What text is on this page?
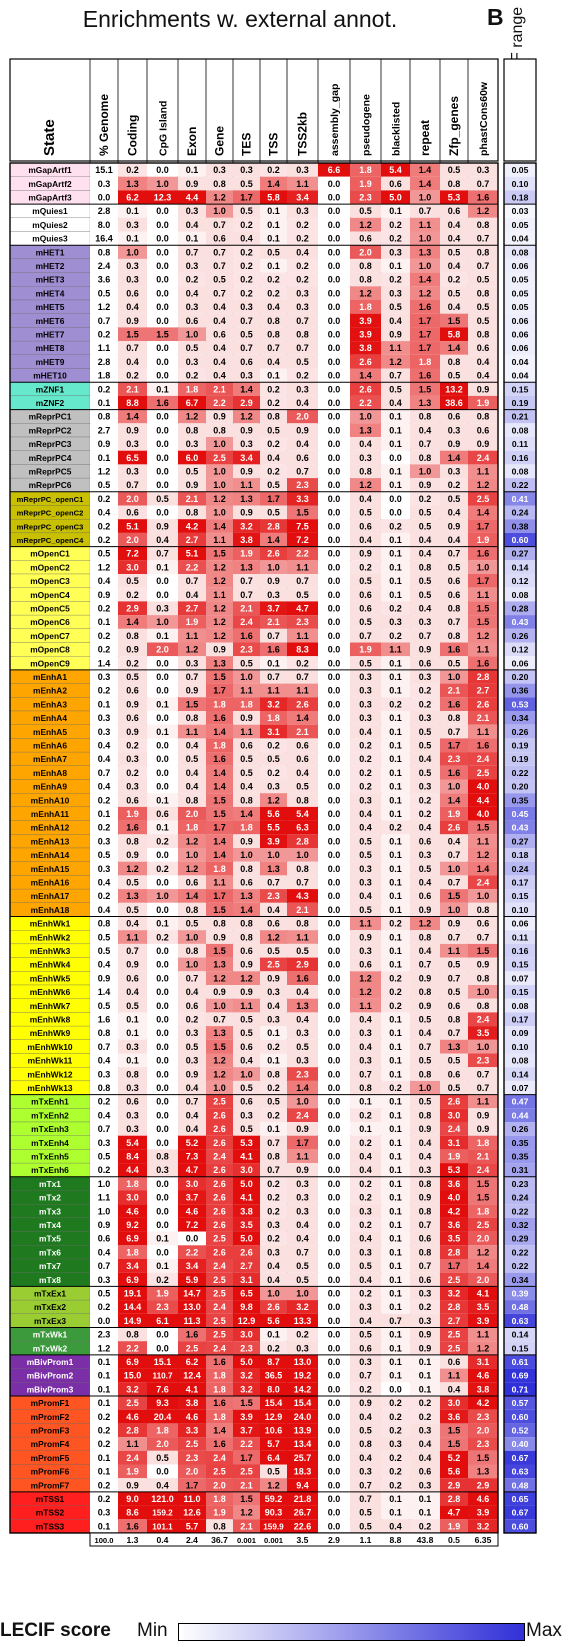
Enrichments w. external annot.	B
State	% Genome Coding CpG Island Exon Gene TES TSS TSS2kb assembly_gap pseudogene blacklisted repeat Zfp_genes phastCons60w
mGapArtf1	15.1 0.2 0.0 0.1 0.3 0.3 0.2 0.3 6.6 1.8 5.4 1.4 0.5 0.3	0.05
mGapArtf2	0.3 1.3 1.0 0.9 0.8 0.5 1.4 1.1 0.0 1.9 0.6 1.4 0.8 0.7	0.10
mGapArtf3	0.0 6.2 12.3 4.4 1.2 1.7 5.8 3.4 0.0 2.3 5.0 1.0 5.3 1.6	0.18
mQuies1	2.8 0.1 0.0 0.3 1.0 0.5 0.1 0.3 0.0 0.5 0.1 0.7 0.6 1.2	0.03
mQuies2	8.0 0.3 0.0 0.4 0.7 0.2 0.1 0.2 0.0 1.2 0.2 1.1 0.4 0.8	0.05
mQuies3	16.4 0.1 0.0 0.1 0.6 0.4 0.1 0.2 0.0 0.6 0.2 1.0 0.4 0.7	0.04
mHET1	0.8 1.0 0.0 0.7 0.7 0.2 0.5 0.4 0.0 2.0 0.3 1.3 0.5 0.8	0.08
mHET2	2.4 0.3 0.0 0.3 0.7 0.2 0.1 0.2 0.0 0.8 0.1 1.0 0.4 0.7	0.06
mHET3	3.6 0.3 0.0 0.2 0.5 0.2 0.2 0.2 0.0 0.8 0.2 1.4 0.2 0.5	0.05
mHET4	0.5 0.6 0.0 0.4 0.7 0.2 0.2 0.3 0.0 1.2 0.3 1.2 0.5 0.8	0.05
mHET5	1.2 0.4 0.0 0.3 0.4 0.3 0.4 0.3 0.0 1.8 0.5 1.6 0.4 0.5	0.05
mHET6	0.7 0.9 0.0 0.6 0.4 0.7 0.8 0.7 0.0 3.9 0.4 1.7 1.5 0.5	0.06
mHET7	0.2 1.5 1.5 1.0 0.6 0.5 0.8 0.8 0.0 3.9 0.9 1.7 5.8 0.8	0.06
mHET8	1.1 0.7 0.0 0.5 0.4 0.7 0.7 0.7 0.0 3.8 1.1 1.7 1.4 0.6	0.06
mHET9	2.8 0.4 0.0 0.3 0.4 0.6 0.4 0.5 0.0 2.6 1.2 1.8 0.8 0.4	0.04
mHET10	1.8 0.2 0.0 0.2 0.4 0.3 0.1 0.2 0.0 1.4 0.7 1.6 0.5 0.4	0.04
mZNF1	0.2 2.1 0.1 1.8 2.1 1.4 0.2 0.3 0.0 2.6 0.5 1.5 13.2 0.9	0.15
mZNF2	0.1 8.8 1.6 6.7 2.2 2.9 0.2 0.4 0.0 2.2 0.4 1.3 38.6 1.9	0.19
mReprPC1	0.8 1.4 0.0 1.2 0.9 1.2 0.8 2.0 0.0 1.0 0.1 0.8 0.6 0.8	0.21
mReprPC2	2.7 0.9 0.0 0.8 0.8 0.9 0.5 0.9 0.0 1.3 0.1 0.4 0.3 0.6	0.08
mReprPC3	0.9 0.3 0.0 0.3 1.0 0.3 0.2 0.4 0.0 0.4 0.1 0.7 0.9 0.9	0.11
mReprPC4	0.1 6.5 0.0 6.0 2.5 3.4 0.4 0.6 0.0 0.3 0.0 0.8 1.4 2.4	0.16
mReprPC5	1.2 0.3 0.0 0.5 1.0 0.9 0.2 0.7 0.0 0.8 0.1 1.0 0.3 1.1	0.08
mReprPC6	0.5 0.7 0.0 0.9 1.0 1.1 0.5 2.3 0.0 1.2 0.1 0.9 0.2 1.2	0.22
mReprPC_openC1 0.2 2.0 0.5 2.1 1.2 1.3 1.7 3.3 0.0 0.4 0.0 0.2 0.5 2.5	0.41
mReprPC_openC2 0.4 0.6 0.0 0.8 1.0 0.9 0.5 1.5 0.0 0.5 0.0 0.5 0.4 1.4	0.24
mReprPC_openC3 0.2 5.1 0.9 4.2 1.4 3.2 2.8 7.5 0.0 0.6 0.2 0.5 0.9 1.7	0.38
mReprPC_openC4 0.2 2.0 0.4 2.7 1.1 3.8 1.4 7.2 0.0 0.4 0.1 0.4 0.4 1.9	0.60
mOpenC1	0.5 7.2 0.7 5.1 1.5 1.9 2.6 2.2 0.0 0.9 0.1 0.4 0.7 1.6	0.27
mOpenC2	1.2 3.0 0.1 2.2 1.2 1.3 1.0 1.1 0.0 0.2 0.1 0.8 0.5 1.0	0.14
mOpenC3	0.4 0.5 0.0 0.7 1.2 0.7 0.9 0.7 0.0 0.5 0.1 0.5 0.6 1.7	0.12
mOpenC4	0.9 0.2 0.0 0.4 1.1 0.7 0.3 0.5 0.0 0.6 0.1 0.5 0.6 1.1	0.08
mOpenC5	0.2 2.9 0.3 2.7 1.2 2.1 3.7 4.7 0.0 0.6 0.2 0.4 0.8 1.5	0.28
mOpenC6	0.1 1.4 1.0 1.9 1.2 2.4 2.1 2.3 0.0 0.5 0.3 0.3 0.7 1.5	0.43
mOpenC7	0.2 0.8 0.1 1.1 1.2 1.6 0.7 1.1 0.0 0.7 0.2 0.7 0.8 1.2	0.26
mOpenC8	0.2 0.9 2.0 1.2 0.9 2.3 1.6 8.3 0.0 1.9 1.1 0.9 1.6 1.1	0.12
mOpenC9	1.4 0.2 0.0 0.3 1.3 0.5 0.1 0.2 0.0 0.5 0.1 0.6 0.5 1.6	0.06
mEnhA1	0.3 0.5 0.0 0.7 1.5 1.0 0.7 0.7 0.0 0.3 0.1 0.3 1.0 2.8	0.20
mEnhA2	0.2 0.6 0.0 0.9 1.7 1.1 1.1 1.1 0.0 0.3 0.1 0.2 2.1 2.7	0.36
mEnhA3	0.1 0.9 0.1 1.5 1.8 1.8 3.2 2.6 0.0 0.3 0.2 0.2 1.6 2.6	0.53
mEnhA4	0.3 0.6 0.0 0.8 1.6 0.9 1.8 1.4 0.0 0.3 0.1 0.3 0.8 2.1	0.34
mEnhA5	0.3 0.9 0.1 1.1 1.4 1.1 3.1 2.1 0.0 0.4 0.1 0.5 0.7 1.1	0.26
mEnhA6	0.4 0.2 0.0 0.4 1.8 0.6 0.2 0.6 0.0 0.2 0.1 0.5 1.7 1.6	0.19
mEnhA7	0.4 0.3 0.0 0.5 1.6 0.5 0.5 0.6 0.0 0.2 0.1 0.4 2.3 2.4	0.19
mEnhA8	0.7 0.2 0.0 0.4 1.4 0.5 0.2 0.4 0.0 0.2 0.1 0.5 1.6 2.5	0.22
mEnhA9	0.4 0.3 0.0 0.4 1.4 0.4 0.3 0.5 0.0 0.2 0.1 0.3 1.0 4.0	0.20
mEnhA10	0.2 0.6 0.1 0.8 1.5 0.8 1.2 0.8 0.0 0.3 0.1 0.2 1.4 4.4	0.35
mEnhA11	0.1 1.9 0.6 2.0 1.5 1.4 5.6 5.4 0.0 0.4 0.1 0.2 1.9 4.0	0.45
mEnhA12	0.2 1.6 0.1 1.8 1.7 1.8 5.5 6.3 0.0 0.4 0.2 0.4 2.6 1.5	0.43
mEnhA13	0.3 0.8 0.2 1.2 1.4 0.9 3.9 2.8 0.0 0.5 0.1 0.6 0.4 1.1	0.27
mEnhA14	0.5 0.9 0.0 1.0 1.4 1.0 1.0 1.0 0.0 0.5 0.1 0.3 0.7 1.2	0.18
mEnhA15	0.3 1.2 0.2 1.2 1.8 0.8 1.3 0.8 0.0 0.3 0.1 0.5 1.0 1.4	0.24
mEnhA16	0.4 0.5 0.0 0.6 1.1 0.6 0.7 0.7 0.0 0.3 0.1 0.4 0.7 2.4	0.17
mEnhA17	0.2 1.3 1.0 1.4 1.7 1.3 2.3 4.3 0.0 0.4 0.1 0.6 1.5 1.0	0.15
mEnhA18	0.4 0.5 0.0 0.8 1.5 1.4 0.4 2.1 0.0 0.5 0.1 0.9 1.0 0.8	0.10
mEnhWk1	0.8 0.4 0.1 0.5 0.8 0.8 0.6 0.8 0.0 1.1 0.2 1.2 0.9 0.6	0.06
mEnhWk2	0.5 1.1 0.2 1.0 0.9 0.8 1.2 1.1 0.0 0.9 0.1 0.8 0.7 0.7	0.11
mEnhWk3	0.5 0.7 0.0 0.8 1.5 0.6 0.5 0.5 0.0 0.3 0.1 0.4 1.1 1.5	0.16
mEnhWk4	0.4 0.9 0.0 1.0 1.3 0.9 2.5 2.9 0.0 0.6 0.1 0.7 0.5 0.9	0.15
mEnhWk5	0.9 0.6 0.0 0.7 1.2 1.2 0.9 1.6 0.0 1.2 0.2 0.9 0.7 0.8	0.07
mEnhWk6	1.4 0.4 0.0 0.4 0.9 0.9 0.3 0.4 0.0 1.2 0.2 0.8 0.5 1.0	0.15
mEnhWk7	0.5 0.5 0.0 0.6 1.0 1.1 0.4 1.3 0.0 1.1 0.2 0.9 0.6 0.8	0.08
mEnhWk8	1.6 0.1 0.0 0.2 0.7 0.5 0.3 0.4 0.0 0.4 0.1 0.5 0.8 2.4	0.17
mEnhWk9	0.8 0.1 0.0 0.3 1.3 0.5 0.1 0.3 0.0 0.3 0.1 0.4 0.7 3.5	0.09
mEnhWk10	0.7 0.3 0.0 0.5 1.5 0.6 0.2 0.5 0.0 0.4 0.1 0.7 1.3 1.0	0.10
mEnhWk11	0.4 0.1 0.0 0.3 1.2 0.4 0.1 0.3 0.0 0.3 0.1 0.5 0.5 2.3	0.08
mEnhWk12	0.3 0.8 0.0 0.9 1.2 1.0 0.8 2.3 0.0 0.7 0.1 0.8 0.6 0.7	0.14
mEnhWk13	0.8 0.3 0.0 0.4 1.0 0.5 0.2 1.4 0.0 0.8 0.2 1.0 0.5 0.7	0.07
mTxEnh1	0.2 0.6 0.0 0.7 2.5 0.6 0.5 1.0 0.0 0.1 0.1 0.5 2.6 1.1	0.47
mTxEnh2	0.4 0.3 0.0 0.4 2.6 0.3 0.2 2.4 0.0 0.2 0.1 0.8 3.0 0.9	0.44
mTxEnh3	0.7 0.3 0.0 0.4 2.6 0.5 0.1 0.9 0.0 0.1 0.1 0.9 2.4 0.9	0.26
mTxEnh4	0.3 5.4 0.0 5.2 2.6 5.3 0.7 1.7 0.0 0.2 0.1 0.4 3.1 1.8	0.35
mTxEnh5	0.5 8.4 0.8 7.3 2.4 4.1 0.8 1.1 0.0 0.4 0.1 0.4 1.9 2.1	0.35
mTxEnh6	0.2 4.4 0.3 4.7 2.6 3.0 0.7 0.9 0.0 0.4 0.1 0.3 5.3 2.4	0.31
mTx1	1.0 1.8 0.0 3.0 2.6 5.0 0.2 0.3 0.0 0.2 0.1 0.8 3.6 1.5	0.23
mTx2	1.1 3.0 0.0 3.7 2.6 4.1 0.2 0.3 0.0 0.2 0.1 0.9 4.0 1.5	0.24
mTx3	1.0 4.6 0.0 4.6 2.6 3.8 0.2 0.3 0.0 0.3 0.1 0.8 4.2 1.8	0.22
mTx4	0.9 9.2 0.0 7.2 2.6 3.5 0.3 0.4 0.0 0.2 0.1 0.7 3.6 2.5	0.32
mTx5	0.6 6.9 0.1 0.0 2.5 5.0 0.2 0.4 0.0 0.4 0.1 0.6 3.5 2.0	0.29
mTx6	0.4 1.8 0.0 2.2 2.6 2.6 0.3 0.7 0.0 0.3 0.1 0.8 2.8 1.2	0.22
mTx7	0.7 3.4 0.1 3.4 2.4 2.7 0.4 0.5 0.0 0.5 0.1 0.7 1.7 1.4	0.22
mTx8	0.3 6.9 0.2 5.9 2.5 3.1 0.4 0.5 0.0 0.4 0.1 0.6 2.5 2.0	0.34
mTxEx1	0.5 19.1 1.9 14.7 2.5 6.5 1.0 1.0 0.0 0.2 0.1 0.3 3.2 4.1	0.39
mTxEx2	0.2 14.4 2.3 13.0 2.4 9.8 2.6 3.2 0.0 0.3 0.1 0.2 2.8 3.5	0.48
mTxEx3	0.0 14.9 6.1 11.3 2.5 12.9 5.6 13.3 0.0 0.4 0.7 0.3 2.7 3.9	0.63
mTxWk1	2.3 0.8 0.0 1.6 2.5 3.0 0.1 0.2 0.0 0.5 0.1 0.9 2.5 1.1	0.14
mTxWk2	1.2 2.2 0.0 2.5 2.4 2.3 0.2 0.3 0.0 0.6 0.1 0.9 2.5 1.2	0.15
mBivProm1	0.1 6.9 15.1 6.2 1.6 5.0 8.7 13.0 0.0 0.3 0.1 0.1 0.6 3.1	0.61
mBivProm2	0.1 15.0 110.7 12.4 1.8 3.2 36.5 19.2 0.0 0.7 0.1 0.1 1.1 4.6	0.69
mBivProm3	0.1 3.2 7.6 4.1 1.8 3.2 8.0 14.2 0.0 0.2 0.0 0.1 0.4 3.8	0.71
mPromF1	0.1 2.5 9.3 3.8 1.6 1.5 15.4 15.4 0.0 0.9 0.2 0.2 3.0 4.2	0.57
mPromF2	0.2 4.6 20.4 4.6 1.8 3.9 12.9 24.0 0.0 0.4 0.2 0.2 3.6 2.3	0.60
mPromF3	0.2 2.8 1.8 3.3 1.4 3.7 10.6 13.9 0.0 0.5 0.2 0.3 1.5 2.0	0.52
mPromF4	0.2 1.1 2.0 2.5 1.6 2.2 5.7 13.4 0.0 0.8 0.3 0.4 1.5 2.3	0.40
mPromF5	0.1 2.4 0.5 2.3 2.4 1.7 6.4 25.7 0.0 0.4 0.2 0.4 5.2 1.5	0.67
mPromF6	0.1 1.9 0.0 2.0 2.5 2.5 0.5 18.3 0.0 0.3 0.2 0.6 5.6 1.3	0.63
mPromF7	0.2 0.9 0.4 1.7 2.0 2.1 1.2 9.4 0.0 0.7 0.2 0.3 2.9 2.9	0.48
mTSS1	0.2 9.0 121.0 11.0 1.8 1.5 59.2 21.8 0.0 0.7 0.1 0.1 2.8 4.6	0.65
mTSS2	0.3 8.6 159.2 12.6 1.9 1.2 90.3 26.7 0.0 0.5 0.1 0.1 4.7 3.9	0.67
mTSS3	0.1 1.6 101.1 5.7 0.8 2.1 159.9 22.6 0.0 0.5 0.4 0.2 1.9 3.2	0.60
100.0 1.3 0.4 2.4 36.7 0.001 0.001 3.5 2.9 1.1 8.8 43.8 0.5 6.35
LECIF score Min	Max
